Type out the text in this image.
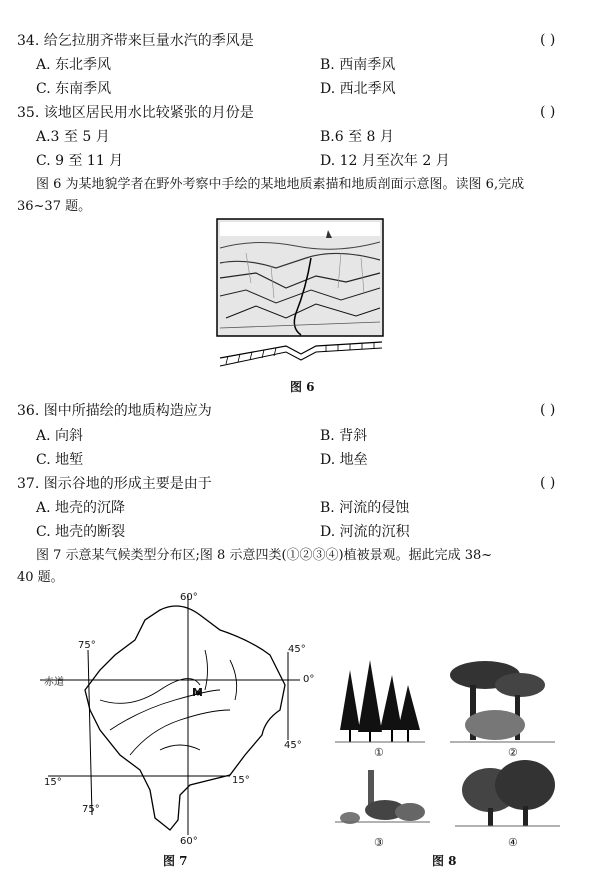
34. 给乞拉朋齐带来巨量水汽的季风是	( )
A. 东北季风	B. 西南季风
C. 东南季风	D. 西北季风
35. 该地区居民用水比较紧张的月份是	( )
A.3 至 5 月	B.6 至 8 月
C. 9 至 11 月	D. 12 月至次年 2 月
图 6 为某地貌学者在野外考察中手绘的某地地质素描和地质剖面示意图。读图 6,完成
36~37 题。
图 6
36. 图中所描绘的地质构造应为	( )
A. 向斜	B. 背斜
C. 地堑	D. 地垒
37. 图示谷地的形成主要是由于	( )
A. 地壳的沉降	B. 河流的侵蚀
C. 地壳的断裂	D. 河流的沉积
图 7 示意某气候类型分布区;图 8 示意四类(①②③④)植被景观。据此完成 38~
40 题。
60°
75°	45°
赤道	0°
M
45°
15°	15°
75°
60°
图 7
①	②
③	④
图 8
